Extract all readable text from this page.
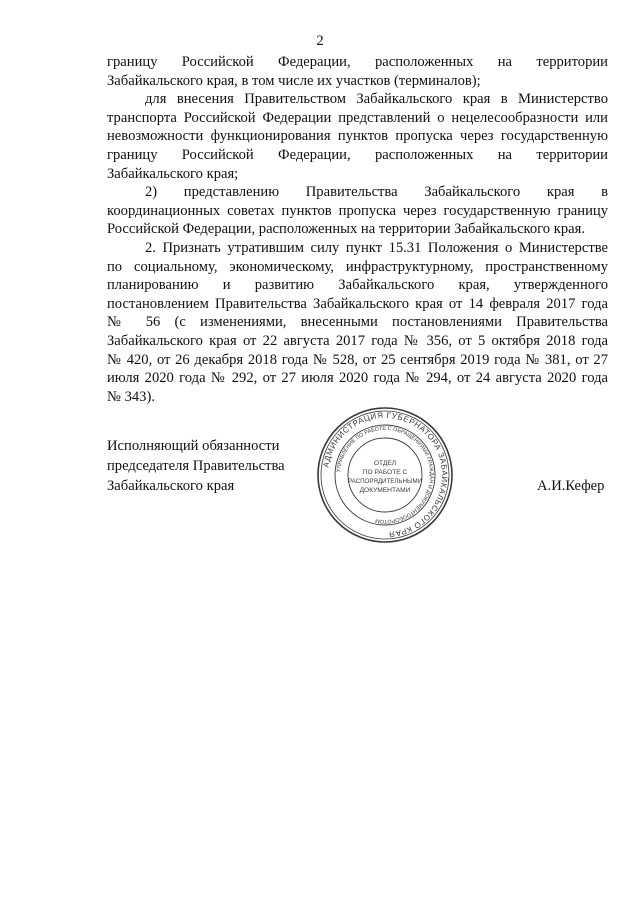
2

границу Российской Федерации, расположенных на территории
Забайкальского края, в том числе их участков (терминалов);

для внесения Правительством Забайкальского края в Министерство
транспорта Российской Федерации представлений о нецелесообразности или
невозможности функционирования пунктов пропуска через государственную
границу Российской Федерации, расположенных на территории
Забайкальского края;

2) представлению Правительства Забайкальского края в
координационных советах пунктов пропуска через государственную границу
Российской Федерации, расположенных на территории Забайкальского края.

2. Признать утратившим силу пункт 15.31 Положения о Министерстве
по социальному, экономическому, инфраструктурному, пространственному
планированию и развитию Забайкальского края, утвержденного
постановлением Правительства Забайкальского края от 14 февраля 2017 года
№ 56 (с изменениями, внесенными постановлениями Правительства
Забайкальского края от 22 августа 2017 года № 356, от 5 октября 2018 года
№ 420, от 26 декабря 2018 года № 528, от 25 сентября 2019 года № 381, от 27
июля 2020 года № 292, от 27 июля 2020 года № 294, от 24 августа 2020 года
№ 343).

Исполняющий обязанности
председателя Правительства
Забайкальского края	А.И.Кефер
АДМИНИСТРАЦИЯ ГУБЕРНАТОРА ЗАБАЙКАЛЬСКОГО КРАЯ
УПРАВЛЕНИЕ ПО РАБОТЕ С ОБРАЩЕНИЯМИ ГРАЖДАН И ДОКУМЕНТООБОРОТОМ
ОТДЕЛ
ПО РАБОТЕ С
РАСПОРЯДИТЕЛЬНЫМИ
ДОКУМЕНТАМИ
